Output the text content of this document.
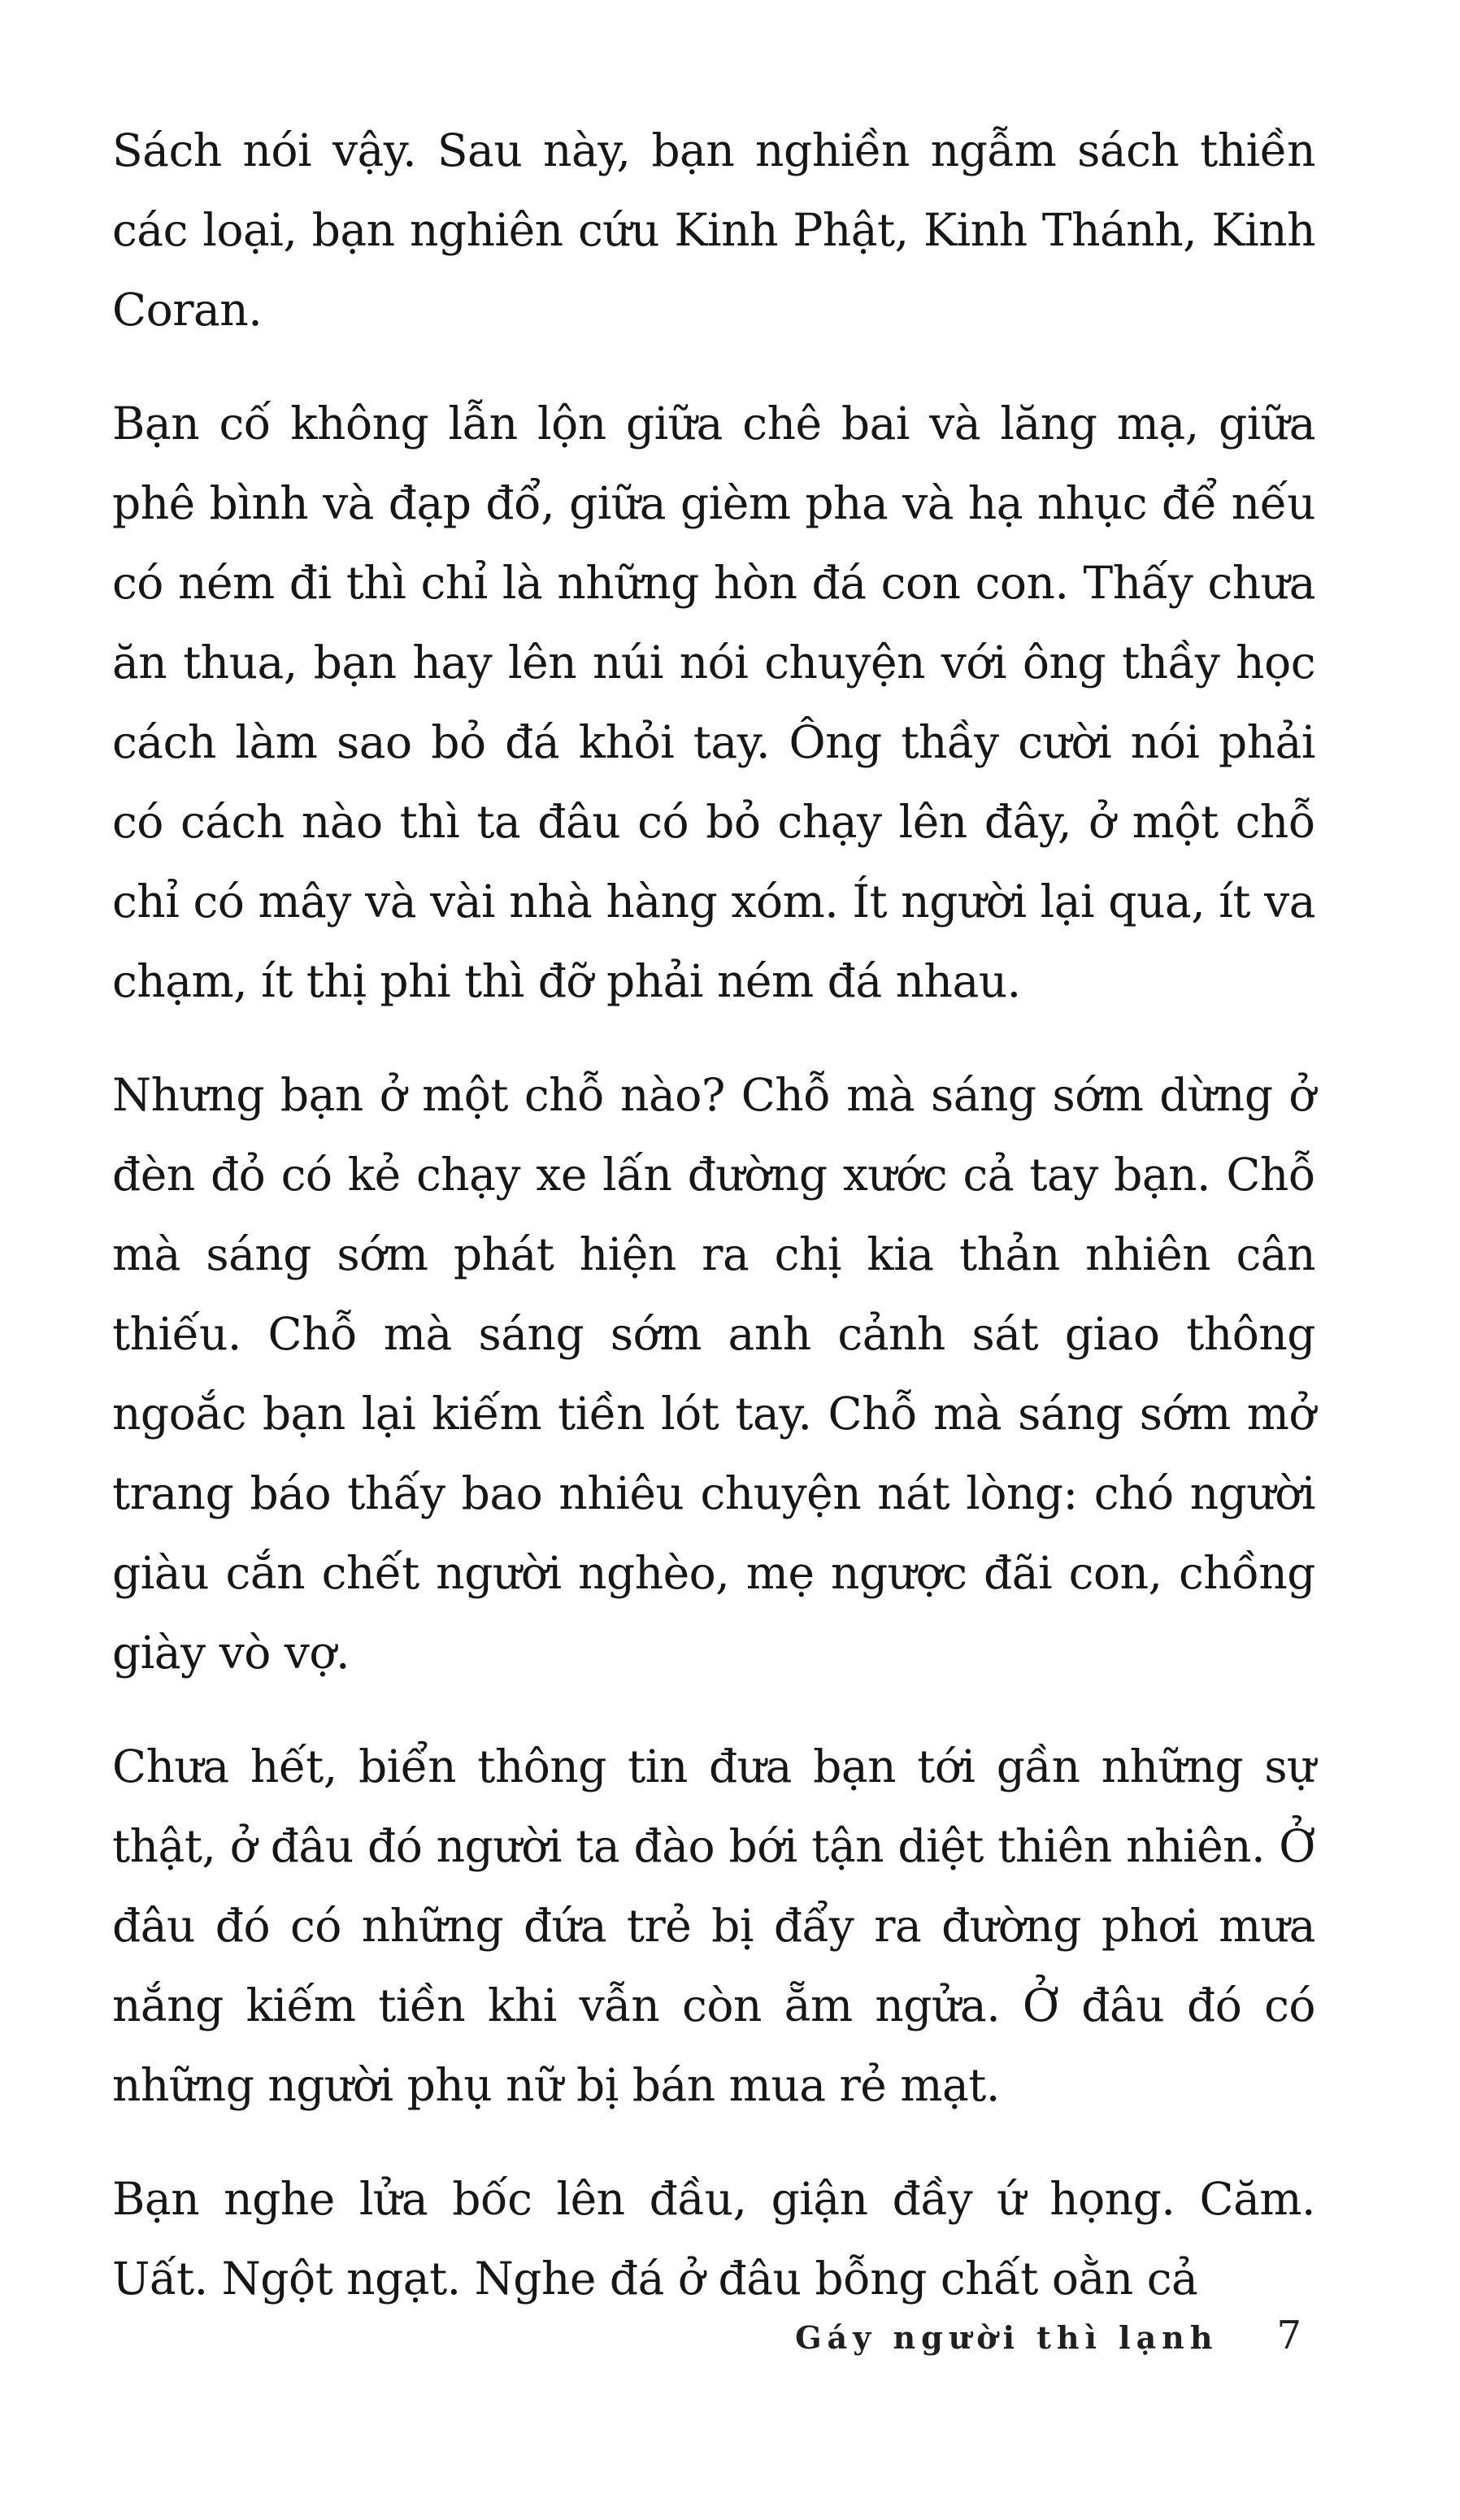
Sách nói vậy. Sau này, bạn nghiền ngẫm sách thiền các loại, bạn nghiên cứu Kinh Phật, Kinh Thánh, Kinh Coran.

Bạn cố không lẫn lộn giữa chê bai và lăng mạ, giữa phê bình và đạp đổ, giữa gièm pha và hạ nhục để nếu có ném đi thì chỉ là những hòn đá con con. Thấy chưa ăn thua, bạn hay lên núi nói chuyện với ông thầy học cách làm sao bỏ đá khỏi tay. Ông thầy cười nói phải có cách nào thì ta đâu có bỏ chạy lên đây, ở một chỗ chỉ có mây và vài nhà hàng xóm. Ít người lại qua, ít va chạm, ít thị phi thì đỡ phải ném đá nhau.

Nhưng bạn ở một chỗ nào? Chỗ mà sáng sớm dừng ở đèn đỏ có kẻ chạy xe lấn đường xước cả tay bạn. Chỗ mà sáng sớm phát hiện ra chị kia thản nhiên cân thiếu. Chỗ mà sáng sớm anh cảnh sát giao thông ngoắc bạn lại kiếm tiền lót tay. Chỗ mà sáng sớm mở trang báo thấy bao nhiêu chuyện nát lòng: chó người giàu cắn chết người nghèo, mẹ ngược đãi con, chồng giày vò vợ.

Chưa hết, biển thông tin đưa bạn tới gần những sự thật, ở đâu đó người ta đào bới tận diệt thiên nhiên. Ở đâu đó có những đứa trẻ bị đẩy ra đường phơi mưa nắng kiếm tiền khi vẫn còn ẵm ngửa. Ở đâu đó có những người phụ nữ bị bán mua rẻ mạt.

Bạn nghe lửa bốc lên đầu, giận đầy ứ họng. Căm. Uất. Ngột ngạt. Nghe đá ở đâu bỗng chất oằn cả

Gáy người thì lạnh 7
